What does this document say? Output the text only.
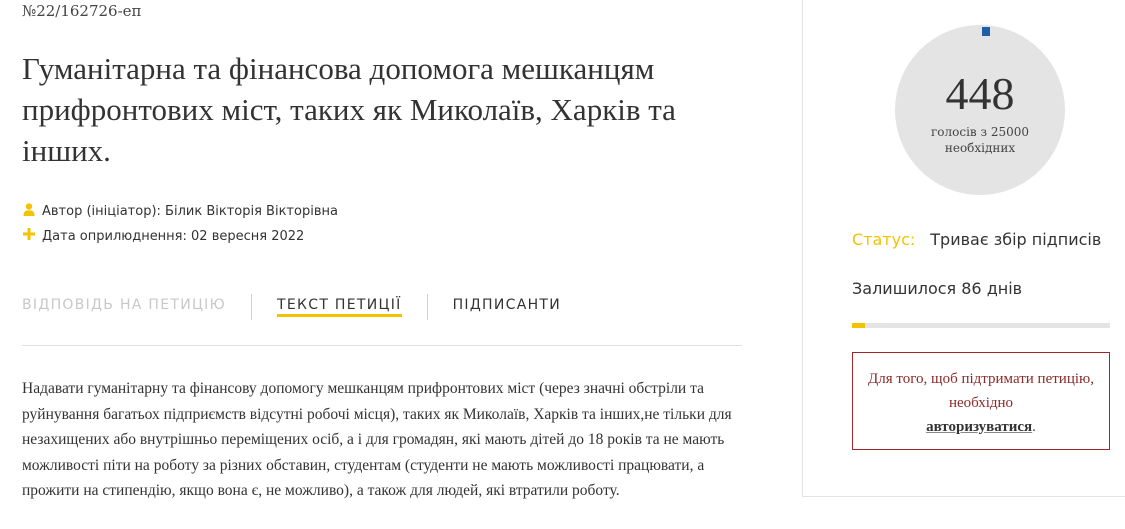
№22/162726-еп
Гуманітарна та фінансова допомога мешканцям прифронтових міст, таких як Миколаїв, Харків та інших.
Автор (ініціатор): Білик Вікторія Вікторівна
Дата оприлюднення: 02 вересня 2022
ВІДПОВІДЬ НА ПЕТИЦІЮ	ТЕКСТ ПЕТИЦІЇ	ПІДПИСАНТИ

Надавати гуманітарну та фінансову допомогу мешканцям прифронтових міст (через значні обстріли та руйнування багатьох підприємств відсутні робочі місця), таких як Миколаїв, Харків та інших,не тільки для незахищених або внутрішньо переміщених осіб, а і для громадян, які мають дітей до 18 років та не мають можливості піти на роботу за різних обставин, студентам (студенти не мають можливості працювати, а прожити на стипендію, якщо вона є, не можливо), а також для людей, які втратили роботу.

448
голосів з 25000 необхідних
Статус: Триває збір підписів
Залишилося 86 днів
Для того, щоб підтримати петицію, необхідно
авторизуватися.
